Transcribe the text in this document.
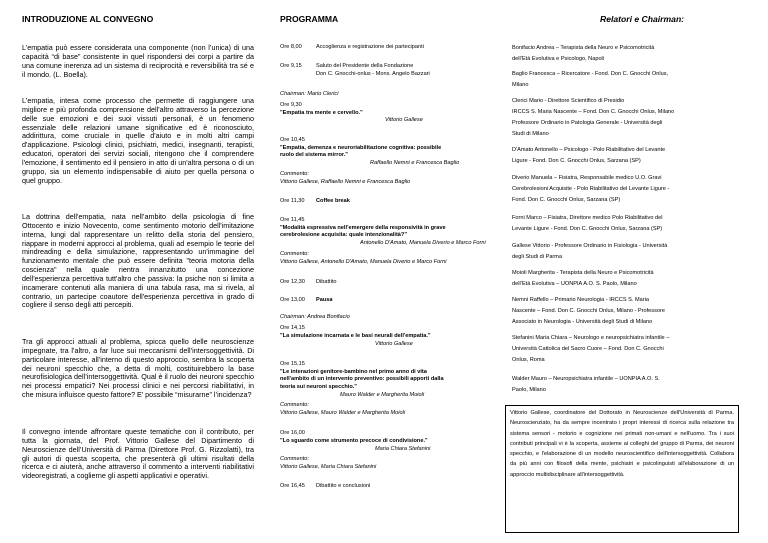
INTRODUZIONE AL CONVEGNO

L’empatia può essere considerata una componente (non l’unica) di una capacità “di base” consistente in quel rispondersi dei corpi a partire da una comune inerenza ad un sistema di reciprocità e reversibilità tra sé e il mondo. (L. Boella).

L'empatia, intesa come processo che permette di raggiungere una migliore e più profonda comprensione dell'altro attraverso la percezione delle sue emozioni e dei suoi vissuti personali, è un fenomeno essenziale delle relazioni umane significative ed è riconosciuto, addirittura, come cruciale in quelle d'aiuto e in molti altri campi d'applicazione. Psicologi clinici, psichiatri, medici, insegnanti, terapisti, educatori, operatori dei servizi sociali, ritengono che il comprendere l'emozione, il sentimento ed il pensiero in atto di un'altra persona o di un gruppo, sia un elemento indispensabile di aiuto per quella persona o quel gruppo.

La dottrina dell'empatia, nata nell’ambito della psicologia di fine Ottocento e inizio Novecento, come sentimento motorio dell'imitazione interna, lungi dal rappresentare un relitto della storia del pensiero, riappare in moderni approcci al problema, quali ad esempio le teorie del mindreading e della simulazione, rappresentando un'immagine del funzionamento mentale che può essere definita "teoria motoria della coscienza" nella quale rientra innanzitutto una concezione dell'esperienza percettiva tutt'altro che passiva: la psiche non si limita a incamerare contenuti alla maniera di una tabula rasa, ma si rivela, al contrario, un partecipe coautore dell'esperienza percettiva in grado di cogliere il senso degli atti percepiti.

Tra gli approcci attuali al problema, spicca quello delle neuroscienze impegnate, tra l’altro, a far luce sui meccanismi dell’intersoggettività. Di particolare interesse, all’interno di questo approccio, sembra la scoperta dei neuroni specchio che, a detta di molti, costituirebbero la base neurofisiologica dell’intersoggettività. Qual è il ruolo dei neuroni specchio nei processi empatici? Nei processi clinici e nei percorsi riabilitativi, in che misura influisce questo fattore? E’ possibile “misurarne” l’incidenza?

Il convegno intende affrontare queste tematiche con il contributo, per tutta la giornata, del Prof. Vittorio Gallese del Dipartimento di Neuroscienze dell’Università di Parma (Direttore Prof. G. Rizzolatti), tra gli autori di questa scoperta, che presenterà gli ultimi risultati della ricerca e ci aiuterà, anche attraverso il commento a interventi riabilitativi videoregistrati, a coglierne gli aspetti applicativi e operativi.

PROGRAMMA
Ore 8,00	Accoglienza e registrazione dei partecipanti
Ore 9,15	Saluto del Presidente della Fondazione
Don C. Gnocchi-onlus - Mons. Angelo Bazzari
Chairman: Mario Clerici
Ore 9,30
"Empatia tra mente e cervello."
Vittorio Gallese
Ore 10,45
"Empatia, demenza e neuroriabilitazione cognitiva: possibile
ruolo del sistema mirror."
Raffaello Nemni e Francesca Baglio
Commento:
Vittorio Gallese, Raffaello Nemni e Francesca Baglio
Ore 11,30 Coffee break
Ore 11,45
"Modalità espressiva nell’emergere della responsività in grave
cerebrolesione acquisita: quale intenzionalità?"
Antonello D'Amato, Manuela Diverio e Marco Forni
Commento:
Vittorio Gallese, Antonello D'Amato, Manuela Diverio e Marco Forni
Ore 12,30 Dibattito
Ore 13,00 Pausa
Chairman: Andrea Bonifacio
Ore 14,15
"La simulazione incarnata e le basi neurali dell'empatia."
Vittorio Gallese
Ore 15,15
"Le interazioni genitore-bambino nel primo anno di vita
nell'ambito di un intervento preventivo: possibili apporti dalla
teoria sui neuroni specchio."
Mauro Walder e Margherita Moioli
Commento:
Vittorio Gallese, Mauro Walder e Margherita Moioli
Ore 16,00
"Lo sguardo come strumento precoce di condivisione."
Maria Chiara Stefanini
Commento:
Vittorio Gallese, Maria Chiara Stefanini
Ore 16,45 Dibattito e conclusioni
Relatori e Chairman:
Bonifacio Andrea – Terapista della Neuro e Psicomotricità
dell’Età Evolutiva e Psicologo, Napoli
Baglio Francesca – Ricercatore - Fond. Don C. Gnocchi Onlus,
Milano
Clerici Mario - Direttore Scientifico di Presidio
IRCCS S. Maria Nascente – Fond. Don C. Gnocchi Onlus, Milano
Professore Ordinario in Patologia Generale - Università degli
Studi di Milano
D'Amato Antonello – Psicologo - Polo Riabilitativo del Levante
Ligure - Fond. Don C. Gnocchi Onlus, Sarzana (SP)
Diverio Manuela – Fisiatra, Responsabile medico U.O. Gravi
Cerebrolesioni Acquisite - Polo Riabilitativo del Levante Ligure -
Fond. Don C. Gnocchi Onlus, Sarzana (SP)
Forni Marco – Fisiatra, Direttore medico Polo Riabilitativo del
Levante Ligure - Fond. Don C. Gnocchi Onlus, Sarzana (SP)
Gallese Vittorio - Professore Ordinario in Fisiologia - Università
degli Studi di Parma
Moioli Margherita - Terapista della Neuro e Psicomotricità
dell’Età Evolutiva – UONPIA A.O. S. Paolo, Milano
Nemni Raffello – Primario Neurologia - IRCCS S. Maria
Nascente – Fond. Don C. Gnocchi Onlus, Milano - Professore
Associato in Neurologia - Università degli Studi di Milano
Stefanini Maria Chiara – Neurologo e neuropsichiatra infantile –
Università Cattolica del Sacro Cuore – Fond. Don C. Gnocchi
Onlus, Roma
Walder Mauro – Neuropsichiatra infantile – UONPIA A.O. S.
Paolo, Milano

Vittorio Gallese, coordinatore del Dottorato in Neuroscienze dell'Università di Parma. Neuroscienziato, ha da sempre incentrato i propri interessi di ricerca sulla relazione tra sistema sensori - motorio e cognizione nei primati non-umani e nell'uomo. Tra i suoi contributi principali vi è la scoperta, assieme ai colleghi del gruppo di Parma, dei neuroni specchio, e l'elaborazione di un modello neuroscientifico dell'intersoggettività. Collabora da più anni con filosofi della mente, psichiatri e psicolinguisti all'elaborazione di un approccio multidisciplinare all'intersoggettività.
